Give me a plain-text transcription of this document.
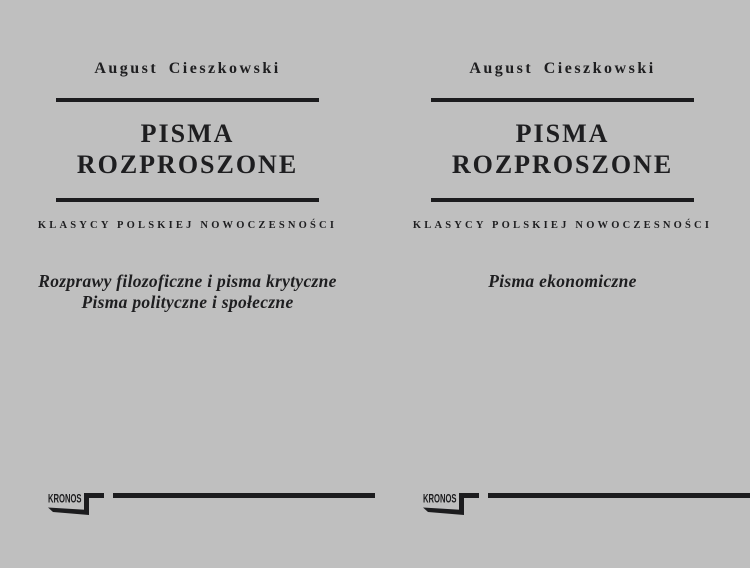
August Cieszkowski
PISMA
ROZPROSZONE
KLASYCY POLSKIEJ NOWOCZESNOŚCI
Rozprawy filozoficzne i pisma krytyczne
Pisma polityczne i społeczne
KRONOS
August Cieszkowski
PISMA
ROZPROSZONE
KLASYCY POLSKIEJ NOWOCZESNOŚCI
Pisma ekonomiczne
KRONOS
